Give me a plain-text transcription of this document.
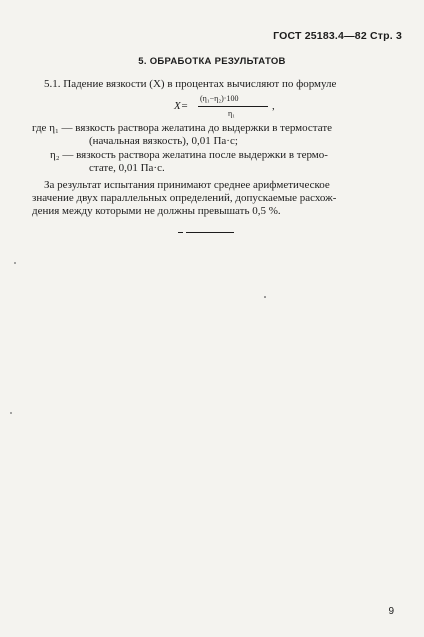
ГОСТ 25183.4—82 Стр. 3
5. ОБРАБОТКА РЕЗУЛЬТАТОВ
5.1. Падение вязкости (X) в процентах вычисляют по формуле
X=
(η₁−η₂)·100
η₁
,
где η₁ — вязкость раствора желатина до выдержки в термостате
(начальная вязкость), 0,01 Па·с;
η₂ — вязкость раствора желатина после выдержки в термо-
стате, 0,01 Па·с.
За результат испытания принимают среднее арифметическое
значение двух параллельных определений, допускаемые расхож-
дения между которыми не должны превышать 0,5 %.
9
